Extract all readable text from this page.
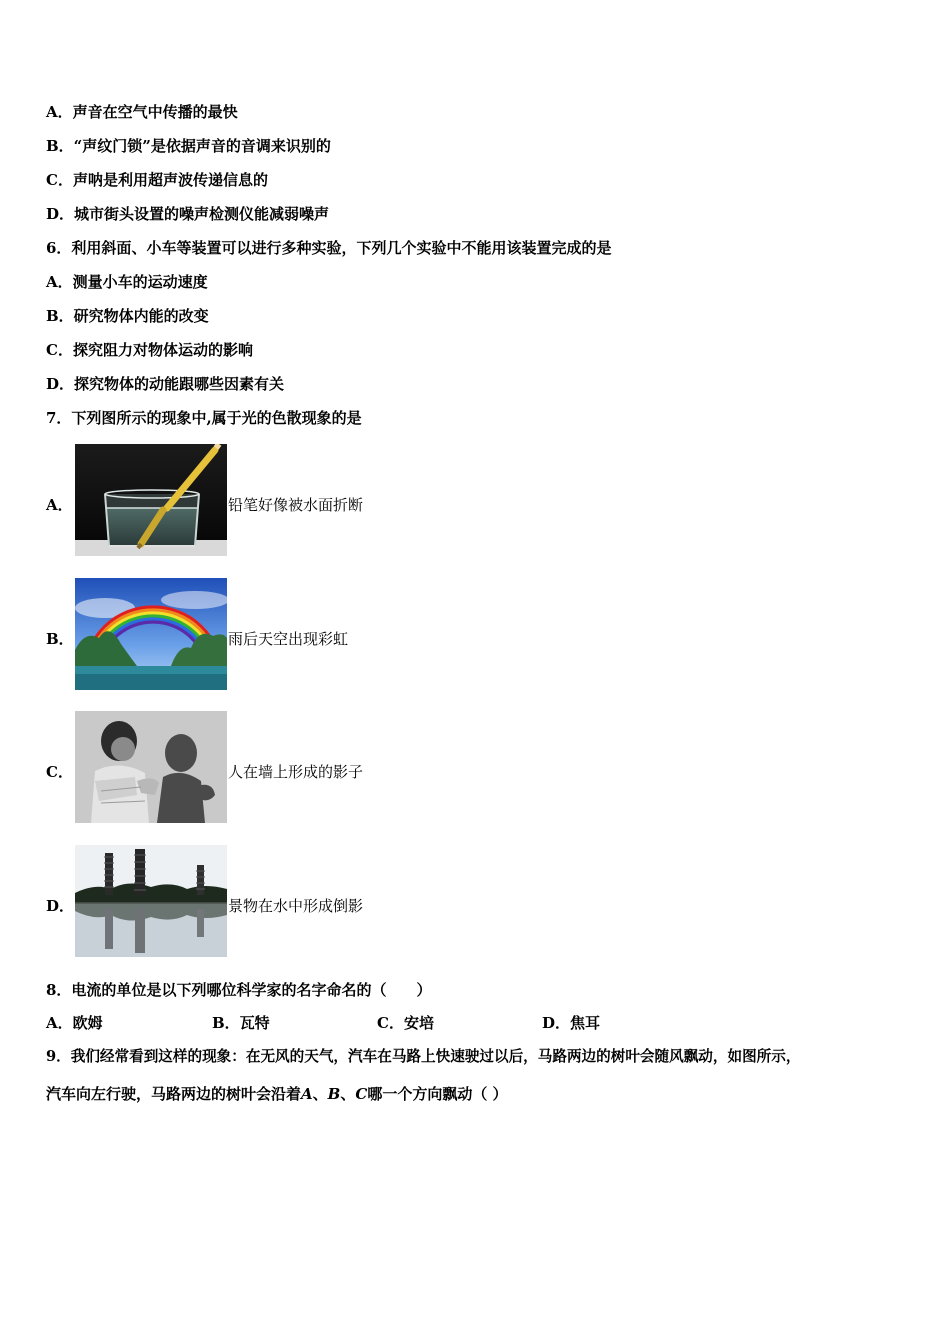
A．声音在空气中传播的最快
B．“声纹门锁”是依据声音的音调来识别的
C．声呐是利用超声波传递信息的
D．城市街头设置的噪声检测仪能减弱噪声
6．利用斜面、小车等装置可以进行多种实验，下列几个实验中不能用该装置完成的是
A．测量小车的运动速度
B．研究物体内能的改变
C．探究阻力对物体运动的影响
D．探究物体的动能跟哪些因素有关
7．下列图所示的现象中,属于光的色散现象的是
A．	铅笔好像被水面折断
B．	雨后天空出现彩虹
C．	人在墙上形成的影子
D．	景物在水中形成倒影
8．电流的单位是以下列哪位科学家的名字命名的（　　）
A．欧姆	B．瓦特	C．安培	D．焦耳
9．我们经常看到这样的现象：在无风的天气，汽车在马路上快速驶过以后，马路两边的树叶会随风飘动，如图所示，
汽车向左行驶，马路两边的树叶会沿着A、B、C哪一个方向飘动（ ）
